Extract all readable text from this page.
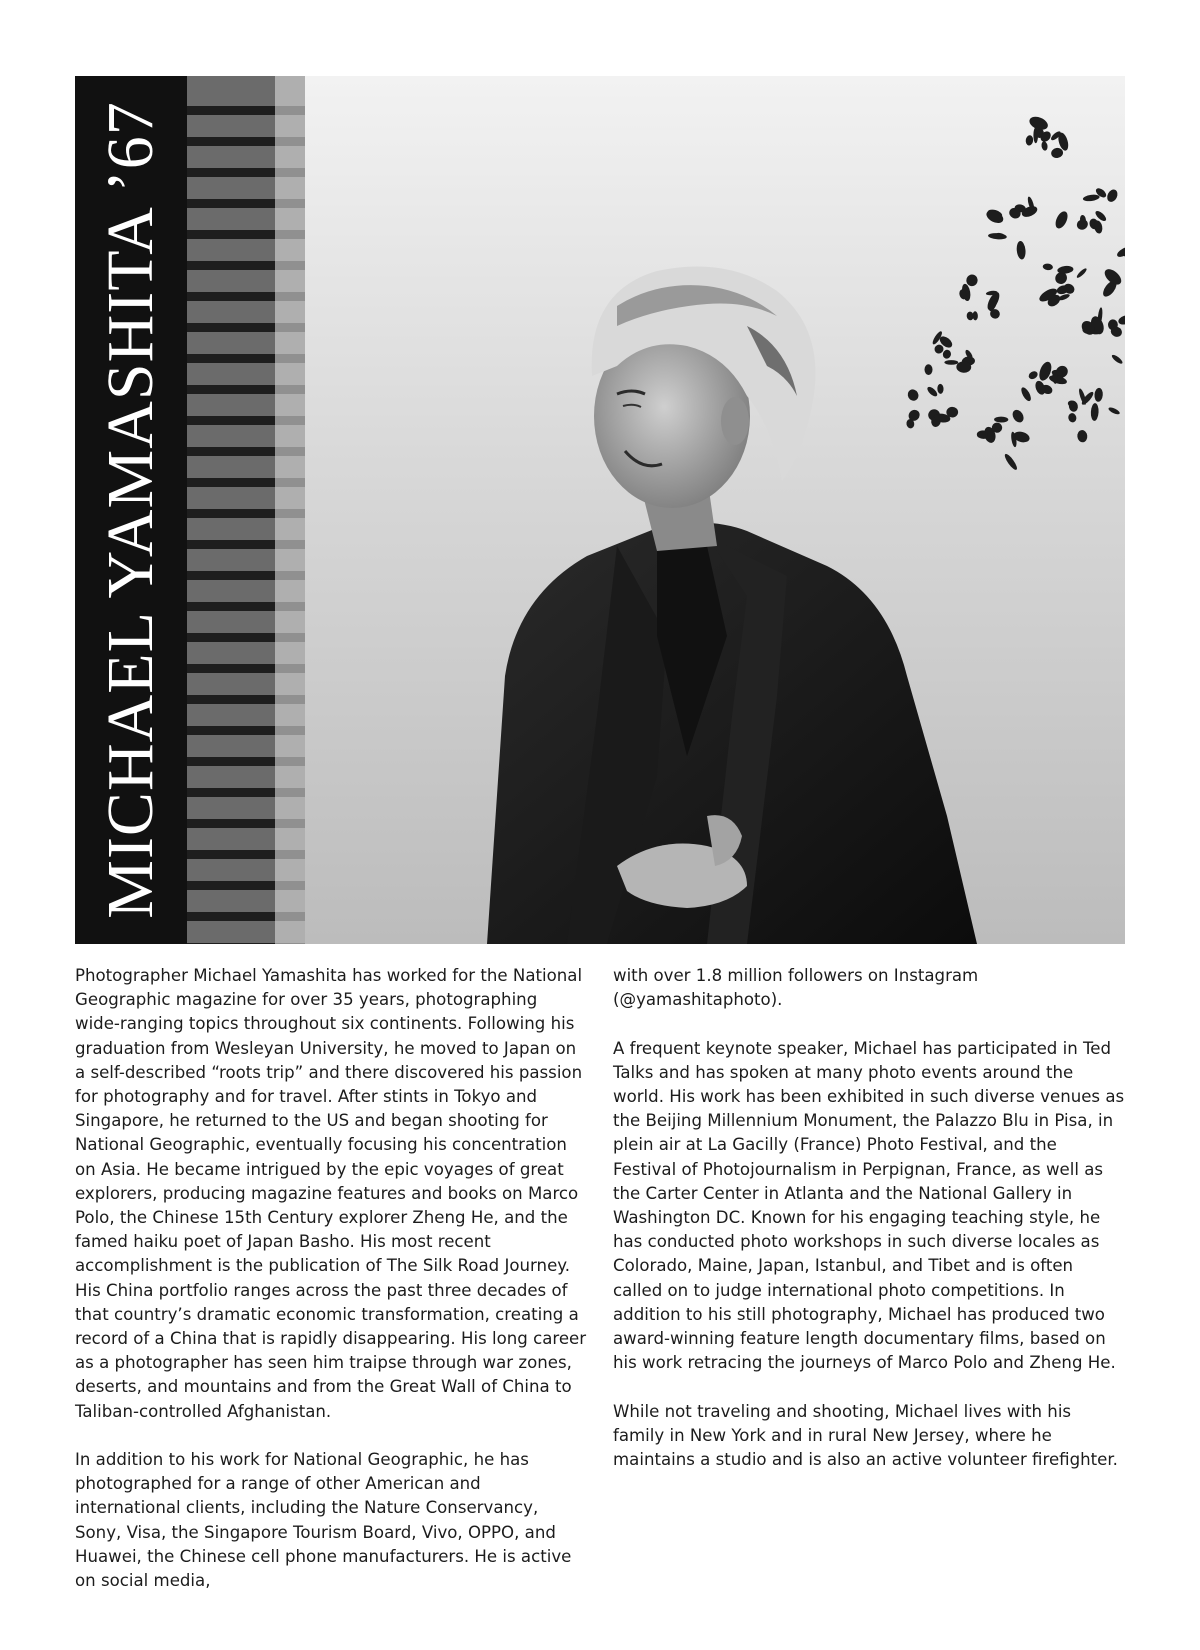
MICHAEL YAMASHITA ’67

Photographer Michael Yamashita has worked for the National Geographic magazine for over 35 years, photographing wide-ranging topics throughout six continents. Following his graduation from Wesleyan University, he moved to Japan on a self-described “roots trip” and there discovered his passion for photography and for travel. After stints in Tokyo and Singapore, he returned to the US and began shooting for National Geographic, eventually focusing his concentration on Asia. He became intrigued by the epic voyages of great explorers, producing magazine features and books on Marco Polo, the Chinese 15th Century explorer Zheng He, and the famed haiku poet of Japan Basho. His most recent accomplishment is the publication of The Silk Road Journey. His China portfolio ranges across the past three decades of that country’s dramatic economic transformation, creating a record of a China that is rapidly disappearing. His long career as a photographer has seen him traipse through war zones, deserts, and mountains and from the Great Wall of China to Taliban-controlled Afghanistan.

In addition to his work for National Geographic, he has photographed for a range of other American and international clients, including the Nature Conservancy, Sony, Visa, the Singapore Tourism Board, Vivo, OPPO, and Huawei, the Chinese cell phone manufacturers. He is active on social media,

with over 1.8 million followers on Instagram (@yamashitaphoto).

A frequent keynote speaker, Michael has participated in Ted Talks and has spoken at many photo events around the world. His work has been exhibited in such diverse venues as the Beijing Millennium Monument, the Palazzo Blu in Pisa, in plein air at La Gacilly (France) Photo Festival, and the Festival of Photojournalism in Perpignan, France, as well as the Carter Center in Atlanta and the National Gallery in Washington DC. Known for his engaging teaching style, he has conducted photo workshops in such diverse locales as Colorado, Maine, Japan, Istanbul, and Tibet and is often called on to judge international photo competitions. In addition to his still photography, Michael has produced two award-winning feature length documentary films, based on his work retracing the journeys of Marco Polo and Zheng He.

While not traveling and shooting, Michael lives with his family in New York and in rural New Jersey, where he maintains a studio and is also an active volunteer firefighter.
